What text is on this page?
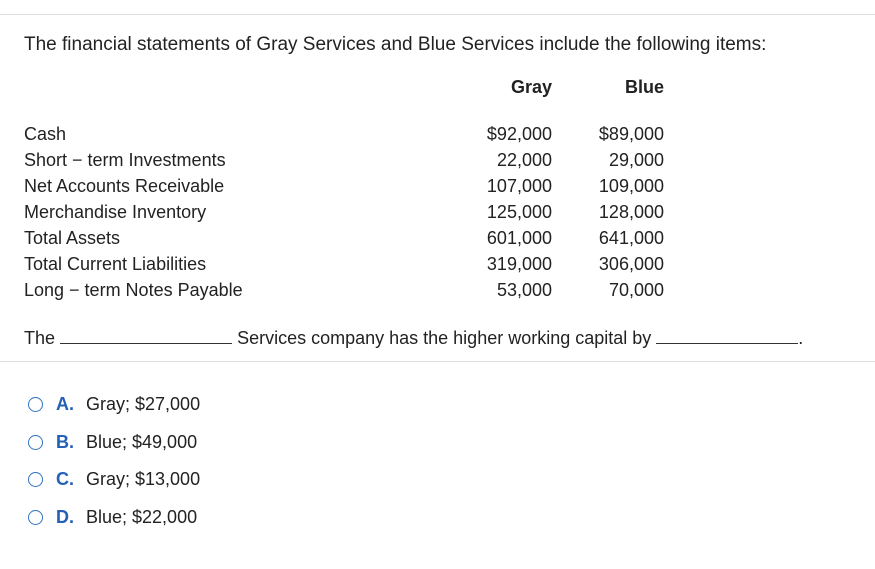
The financial statements of Gray Services and Blue Services include the following items:
Gray	Blue
Cash	$92,000	$89,000
Short − term Investments	22,000	29,000
Net Accounts Receivable	107,000	109,000
Merchandise Inventory	125,000	128,000
Total Assets	601,000	641,000
Total Current Liabilities	319,000	306,000
Long − term Notes Payable	53,000	70,000
The	Services company has the higher working capital by	.
A. Gray; $27,000
B. Blue; $49,000
C. Gray; $13,000
D. Blue; $22,000
